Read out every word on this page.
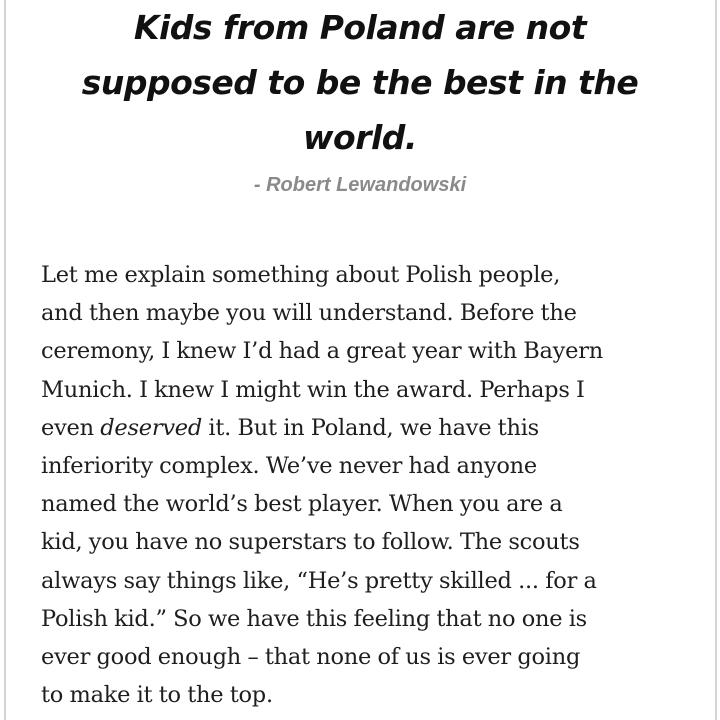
Kids from Poland are not
supposed to be the best in the
world.

- Robert Lewandowski

Let me explain something about Polish people,
and then maybe you will understand. Before the
ceremony, I knew I’d had a great year with Bayern
Munich. I knew I might win the award. Perhaps I
even deserved it. But in Poland, we have this
inferiority complex. We’ve never had anyone
named the world’s best player. When you are a
kid, you have no superstars to follow. The scouts
always say things like, “He’s pretty skilled ... for a
Polish kid.” So we have this feeling that no one is
ever good enough – that none of us is ever going
to make it to the top.
